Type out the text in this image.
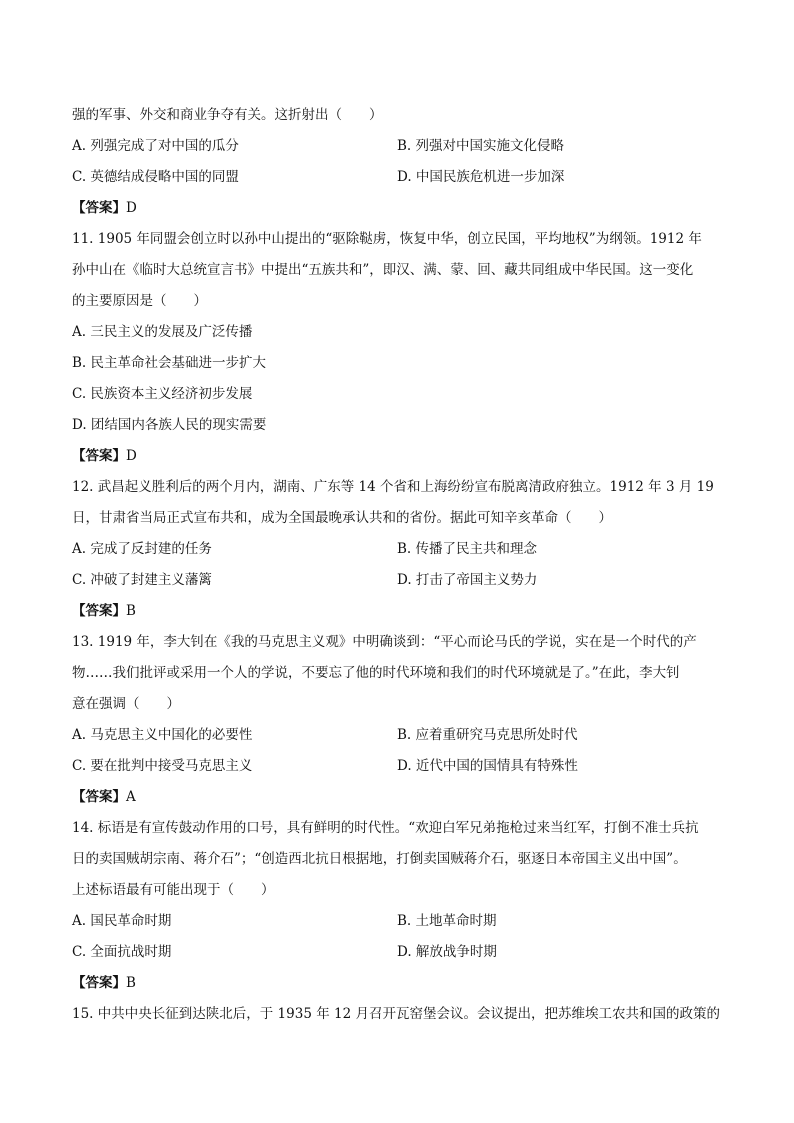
强的军事、外交和商业争夺有关。这折射出（　　）
A. 列强完成了对中国的瓜分	B. 列强对中国实施文化侵略
C. 英德结成侵略中国的同盟	D. 中国民族危机进一步加深
【答案】D
11. 1905 年同盟会创立时以孙中山提出的“驱除鞑虏，恢复中华，创立民国，平均地权”为纲领。1912 年
孙中山在《临时大总统宣言书》中提出“五族共和”，即汉、满、蒙、回、藏共同组成中华民国。这一变化
的主要原因是（　　）
A. 三民主义的发展及广泛传播
B. 民主革命社会基础进一步扩大
C. 民族资本主义经济初步发展
D. 团结国内各族人民的现实需要
【答案】D
12. 武昌起义胜利后的两个月内，湖南、广东等 14 个省和上海纷纷宣布脱离清政府独立。1912 年 3 月 19
日，甘肃省当局正式宣布共和，成为全国最晚承认共和的省份。据此可知辛亥革命（　　）
A. 完成了反封建的任务	B. 传播了民主共和理念
C. 冲破了封建主义藩篱	D. 打击了帝国主义势力
【答案】B
13. 1919 年，李大钊在《我的马克思主义观》中明确谈到：“平心而论马氏的学说，实在是一个时代的产
物……我们批评或采用一个人的学说，不要忘了他的时代环境和我们的时代环境就是了。”在此，李大钊
意在强调（　　）
A. 马克思主义中国化的必要性	B. 应着重研究马克思所处时代
C. 要在批判中接受马克思主义	D. 近代中国的国情具有特殊性
【答案】A
14. 标语是有宣传鼓动作用的口号，具有鲜明的时代性。“欢迎白军兄弟拖枪过来当红军，打倒不准士兵抗
日的卖国贼胡宗南、蒋介石”；“创造西北抗日根据地，打倒卖国贼蒋介石，驱逐日本帝国主义出中国”。
上述标语最有可能出现于（　　）
A. 国民革命时期	B. 土地革命时期
C. 全面抗战时期	D. 解放战争时期
【答案】B
15. 中共中央长征到达陕北后，于 1935 年 12 月召开瓦窑堡会议。会议提出，把苏维埃工农共和国的政策的
